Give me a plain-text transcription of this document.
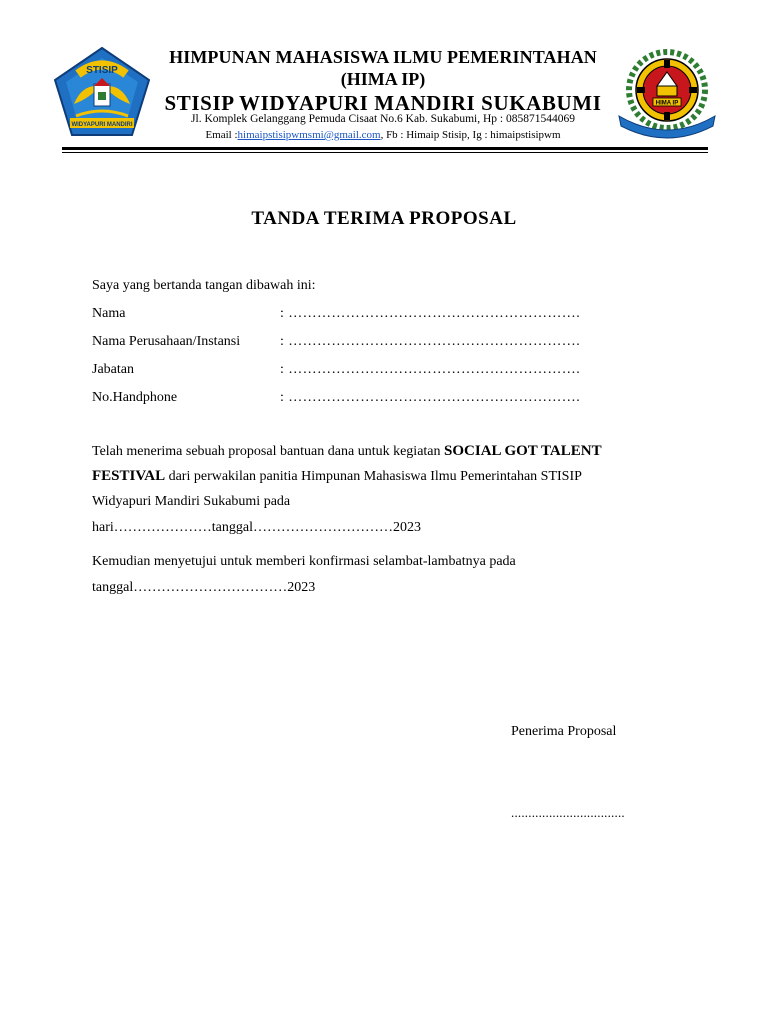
STISIP
WIDYAPURI MANDIRI
HIMA IP
HIMPUNAN MAHASISWA ILMU PEMERINTAHAN
(HIMA IP)
STISIP WIDYAPURI MANDIRI SUKABUMI
Jl. Komplek Gelanggang Pemuda Cisaat No.6 Kab. Sukabumi, Hp : 085871544069
Email :himaipstisipwmsmi@gmail.com, Fb : Himaip Stisip, Ig : himaipstisipwm
TANDA TERIMA PROPOSAL
Saya yang bertanda tangan dibawah ini:
Nama	: …………………………………………………….
Nama Perusahaan/Instansi	: …………………………………………………….
Jabatan	: …………………………………………………….
No.Handphone	: …………………………………………………….
Telah menerima sebuah proposal bantuan dana untuk kegiatan SOCIAL GOT TALENT
FESTIVAL dari perwakilan panitia Himpunan Mahasiswa Ilmu Pemerintahan STISIP
Widyapuri Mandiri Sukabumi pada
hari…………………tanggal…………………………2023
Kemudian menyetujui untuk memberi konfirmasi selambat-lambatnya pada
tanggal……………………………2023
Penerima Proposal
.................................
